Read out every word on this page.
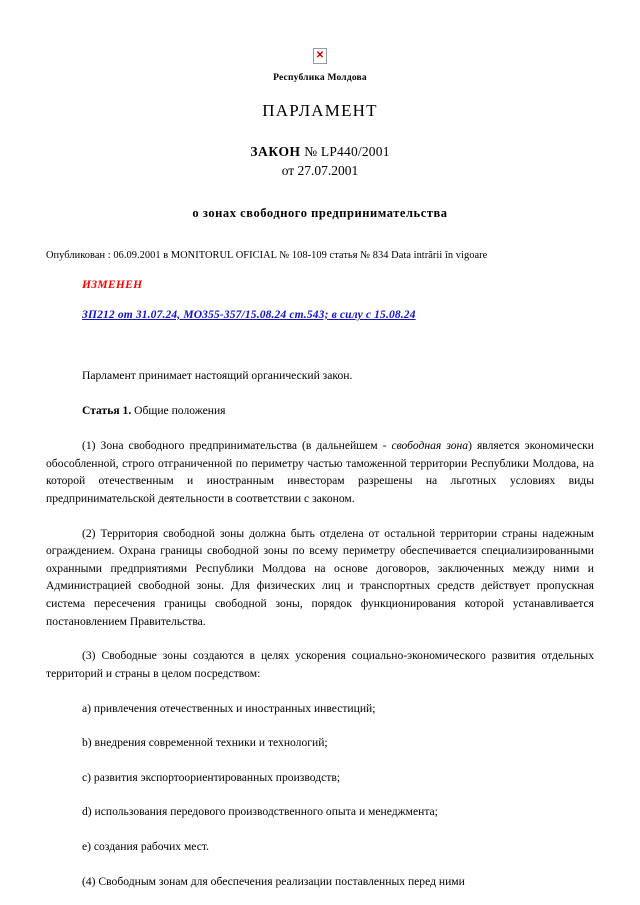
✕
Республика Молдова
ПАРЛАМЕНТ
ЗАКОН № LP440/2001
от 27.07.2001
о зонах свободного предпринимательства
Опубликован : 06.09.2001 в MONITORUL OFICIAL № 108-109 статья № 834 Data intrării în vigoare
ИЗМЕНЕН
ЗП212 от 31.07.24, МО355-357/15.08.24 ст.543; в силу с 15.08.24
Парламент принимает настоящий органический закон.
Статья 1. Общие положения

(1) Зона свободного предпринимательства (в дальнейшем - свободная зона) является экономически обособленной, строго отграниченной по периметру частью таможенной территории Республики Молдова, на которой отечественным и иностранным инвесторам разрешены на льготных условиях виды предпринимательской деятельности в соответствии с законом.

(2) Территория свободной зоны должна быть отделена от остальной территории страны надежным ограждением. Охрана границы свободной зоны по всему периметру обеспечивается специализированными охранными предприятиями Республики Молдова на основе договоров, заключенных между ними и Администрацией свободной зоны. Для физических лиц и транспортных средств действует пропускная система пересечения границы свободной зоны, порядок функционирования которой устанавливается постановлением Правительства.

(3) Свободные зоны создаются в целях ускорения социально-экономического развития отдельных территорий и страны в целом посредством:

a) привлечения отечественных и иностранных инвестиций;
b) внедрения современной техники и технологий;
c) развития экспортоориентированных производств;
d) использования передового производственного опыта и менеджмента;
e) создания рабочих мест.

(4) Свободным зонам для обеспечения реализации поставленных перед ними
